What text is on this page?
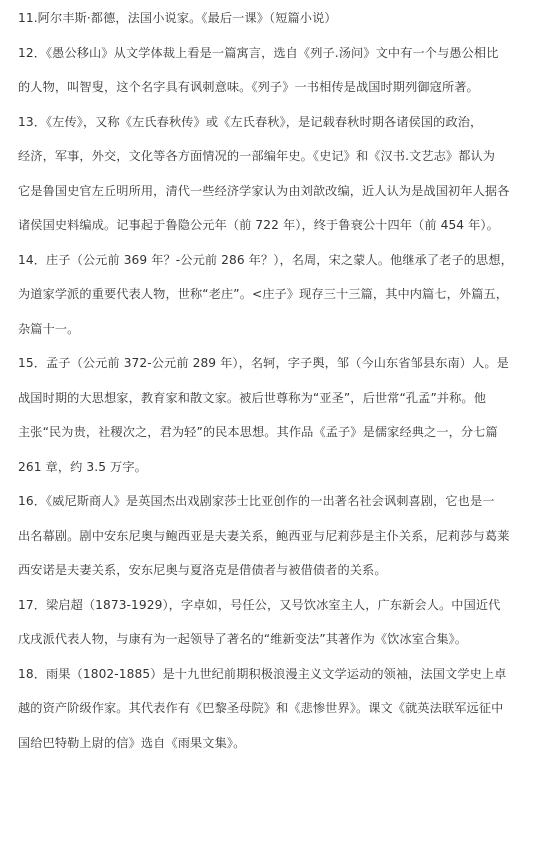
11.阿尔丰斯·都德，法国小说家。《最后一课》（短篇小说）
12．《愚公移山》从文学体裁上看是一篇寓言，选自《列子.汤问》文中有一个与愚公相比
的人物，叫智叟，这个名字具有讽刺意味。《列子》一书相传是战国时期列御寇所著。
13．《左传》，又称《左氏春秋传》或《左氏春秋》，是记载春秋时期各诸侯国的政治，
经济，军事，外交，文化等各方面情况的一部编年史。《史记》和《汉书.文艺志》都认为
它是鲁国史官左丘明所用，清代一些经济学家认为由刘歆改编，近人认为是战国初年人据各
诸侯国史料编成。记事起于鲁隐公元年（前 722 年），终于鲁衰公十四年（前 454 年）。
14．庄子（公元前 369 年？-公元前 286 年？），名周，宋之蒙人。他继承了老子的思想，
为道家学派的重要代表人物，世称“老庄”。<庄子》现存三十三篇，其中内篇七，外篇五，
杂篇十一。
15．孟子（公元前 372-公元前 289 年），名轲，字子舆，邹（今山东省邹县东南）人。是
战国时期的大思想家，教育家和散文家。被后世尊称为“亚圣”，后世常“孔孟”并称。他
主张“民为贵，社稷次之，君为轻”的民本思想。其作品《孟子》是儒家经典之一，分七篇
261 章，约 3.5 万字。
16．《威尼斯商人》是英国杰出戏剧家莎士比亚创作的一出著名社会讽刺喜剧，它也是一
出名幕剧。剧中安东尼奥与鲍西亚是夫妻关系，鲍西亚与尼莉莎是主仆关系，尼莉莎与葛莱
西安诺是夫妻关系，安东尼奥与夏洛克是借债者与被借债者的关系。
17．梁启超（1873-1929），字卓如，号任公，又号饮冰室主人，广东新会人。中国近代
戊戌派代表人物，与康有为一起领导了著名的“维新变法”其著作为《饮冰室合集》。
18．雨果（1802-1885）是十九世纪前期积极浪漫主义文学运动的领袖，法国文学史上卓
越的资产阶级作家。其代表作有《巴黎圣母院》和《悲惨世界》。课文《就英法联军远征中
国给巴特勒上尉的信》选自《雨果文集》。
